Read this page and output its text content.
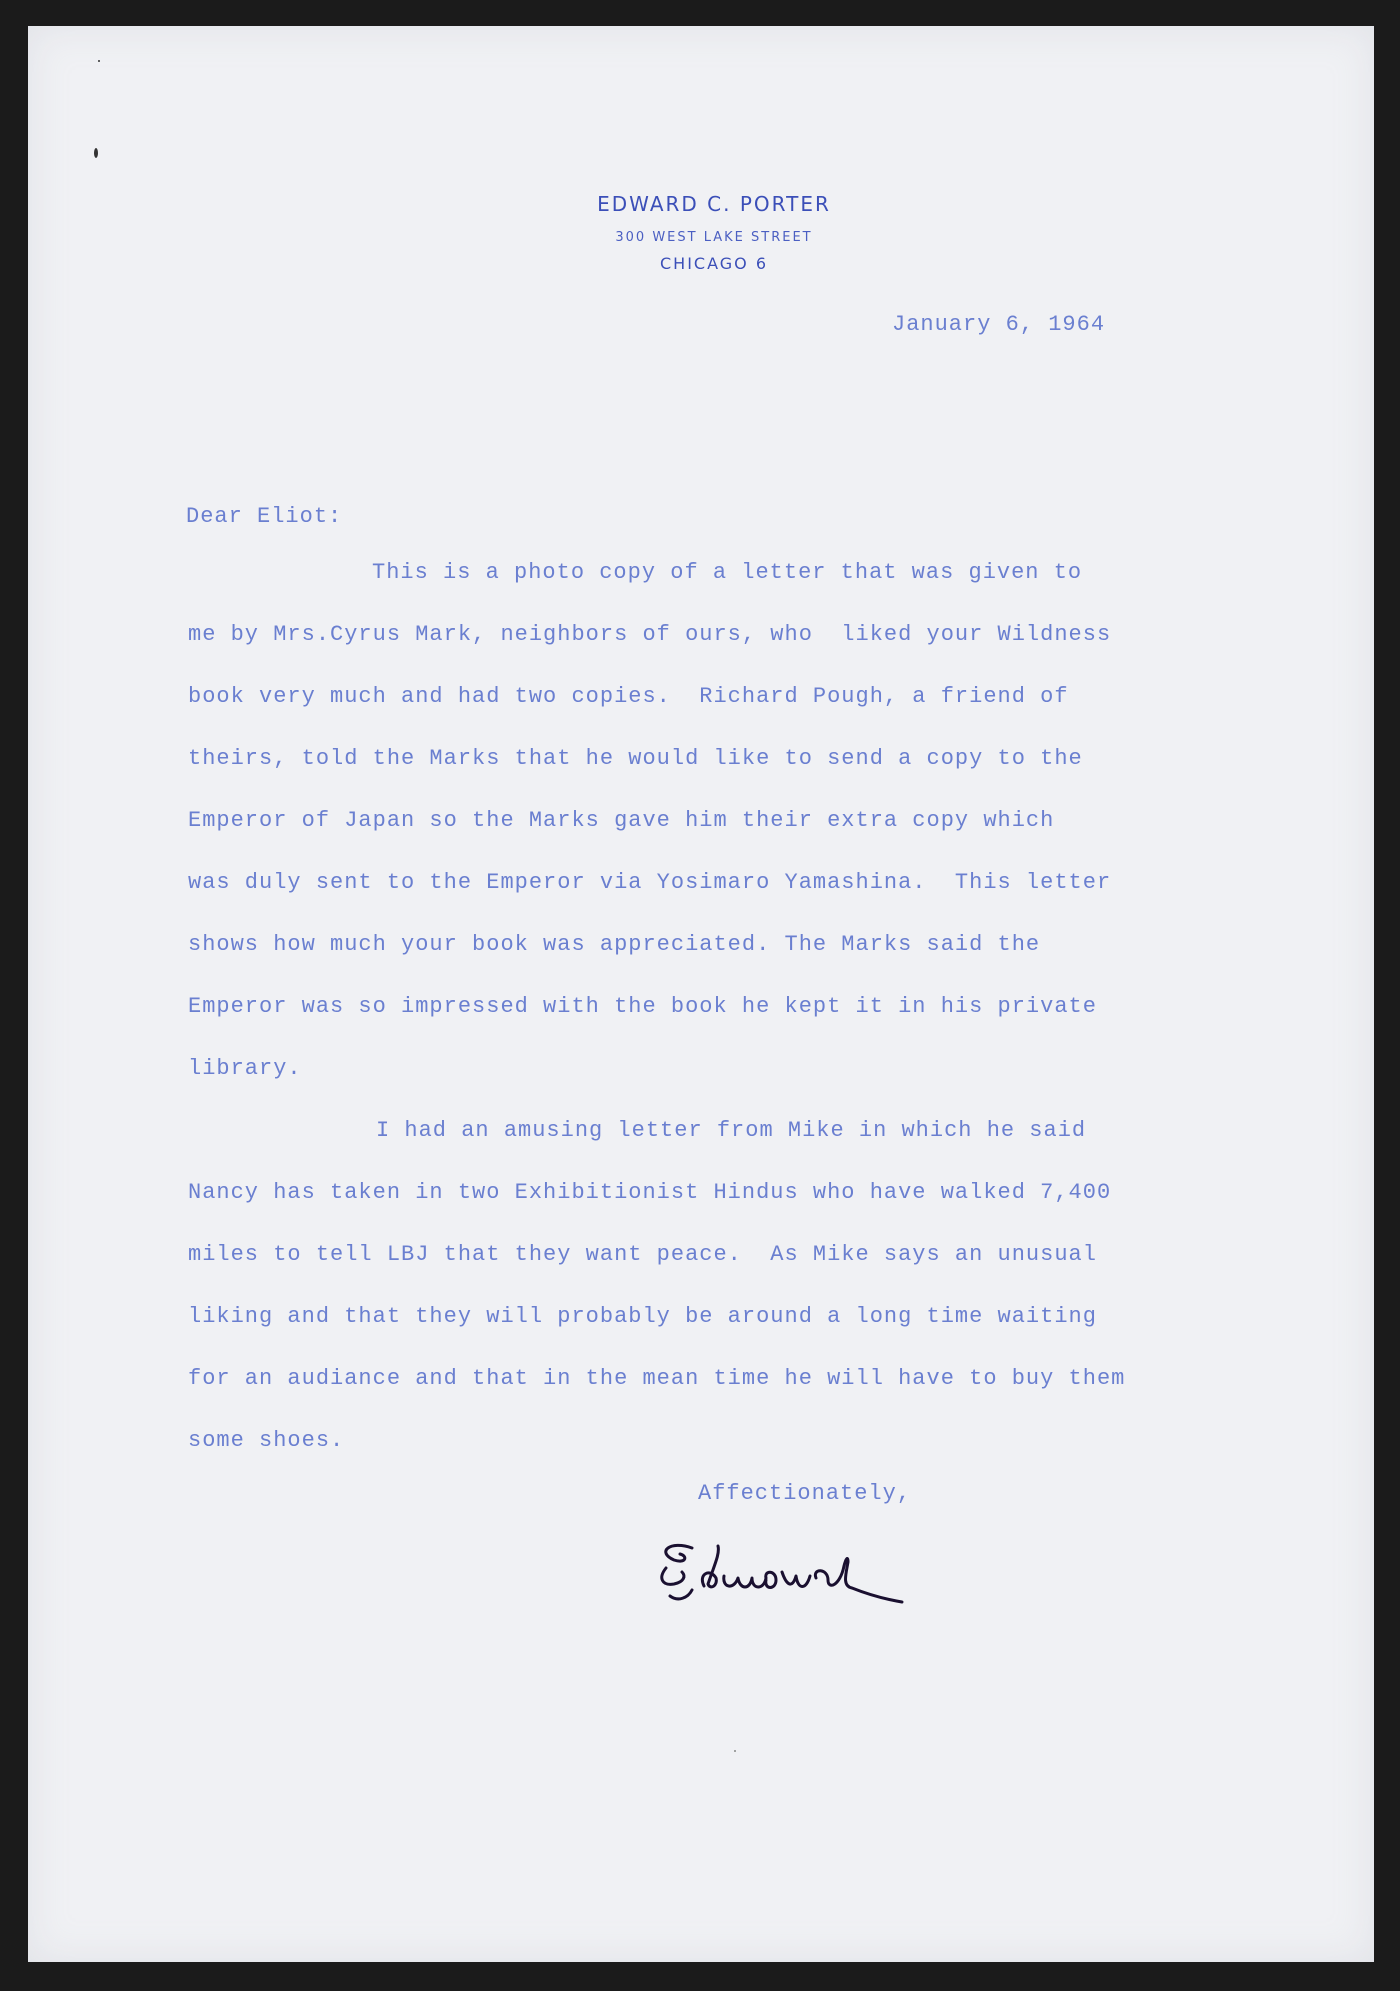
EDWARD C. PORTER
300 WEST LAKE STREET
CHICAGO 6
January 6, 1964
Dear Eliot:
This is a photo copy of a letter that was given to
me by Mrs.Cyrus Mark, neighbors of ours, who  liked your Wildness
book very much and had two copies.  Richard Pough, a friend of
theirs, told the Marks that he would like to send a copy to the
Emperor of Japan so the Marks gave him their extra copy which
was duly sent to the Emperor via Yosimaro Yamashina.  This letter
shows how much your book was appreciated. The Marks said the
Emperor was so impressed with the book he kept it in his private
library.
I had an amusing letter from Mike in which he said
Nancy has taken in two Exhibitionist Hindus who have walked 7,400
miles to tell LBJ that they want peace.  As Mike says an unusual
liking and that they will probably be around a long time waiting
for an audiance and that in the mean time he will have to buy them
some shoes.
Affectionately,
